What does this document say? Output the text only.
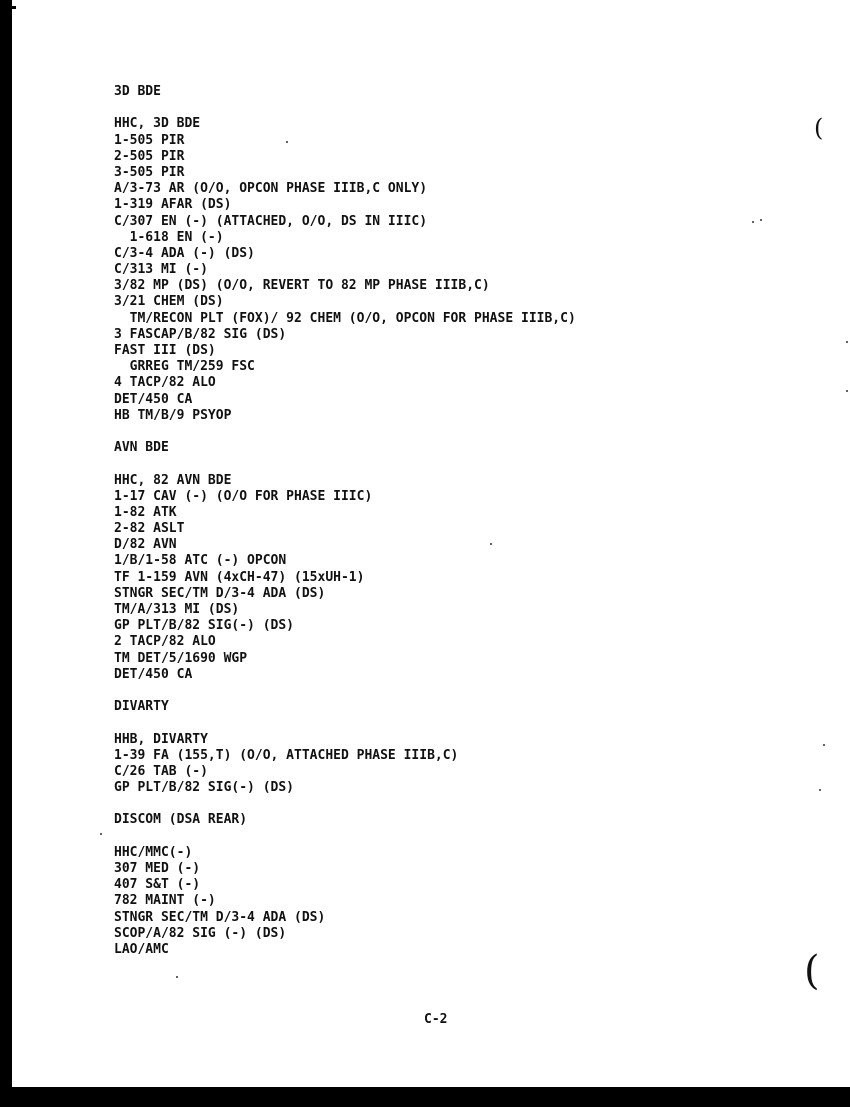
3D BDE
HHC, 3D BDE
1-505 PIR
2-505 PIR
3-505 PIR
A/3-73 AR (O/O, OPCON PHASE IIIB,C ONLY)
1-319 AFAR (DS)
C/307 EN (-) (ATTACHED, O/O, DS IN IIIC)
1-618 EN (-)
C/3-4 ADA (-) (DS)
C/313 MI (-)
3/82 MP (DS) (O/O, REVERT TO 82 MP PHASE IIIB,C)
3/21 CHEM (DS)
TM/RECON PLT (FOX)/ 92 CHEM (O/O, OPCON FOR PHASE IIIB,C)
3 FASCAP/B/82 SIG (DS)
FAST III (DS)
GRREG TM/259 FSC
4 TACP/82 ALO
DET/450 CA
HB TM/B/9 PSYOP
AVN BDE
HHC, 82 AVN BDE
1-17 CAV (-) (O/O FOR PHASE IIIC)
1-82 ATK
2-82 ASLT
D/82 AVN
1/B/1-58 ATC (-) OPCON
TF 1-159 AVN (4xCH-47) (15xUH-1)
STNGR SEC/TM D/3-4 ADA (DS)
TM/A/313 MI (DS)
GP PLT/B/82 SIG(-) (DS)
2 TACP/82 ALO
TM DET/5/1690 WGP
DET/450 CA
DIVARTY
HHB, DIVARTY
1-39 FA (155,T) (O/O, ATTACHED PHASE IIIB,C)
C/26 TAB (-)
GP PLT/B/82 SIG(-) (DS)
DISCOM (DSA REAR)
HHC/MMC(-)
307 MED (-)
407 S&T (-)
782 MAINT (-)
STNGR SEC/TM D/3-4 ADA (DS)
SCOP/A/82 SIG (-) (DS)
LAO/AMC
C-2
(
(
